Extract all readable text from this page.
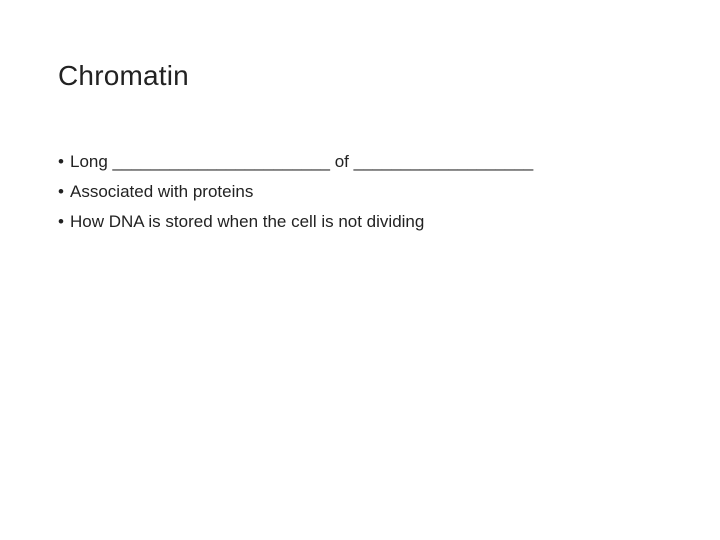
Chromatin
• Long _______________________ of ___________________
• Associated with proteins
• How DNA is stored when the cell is not dividing
